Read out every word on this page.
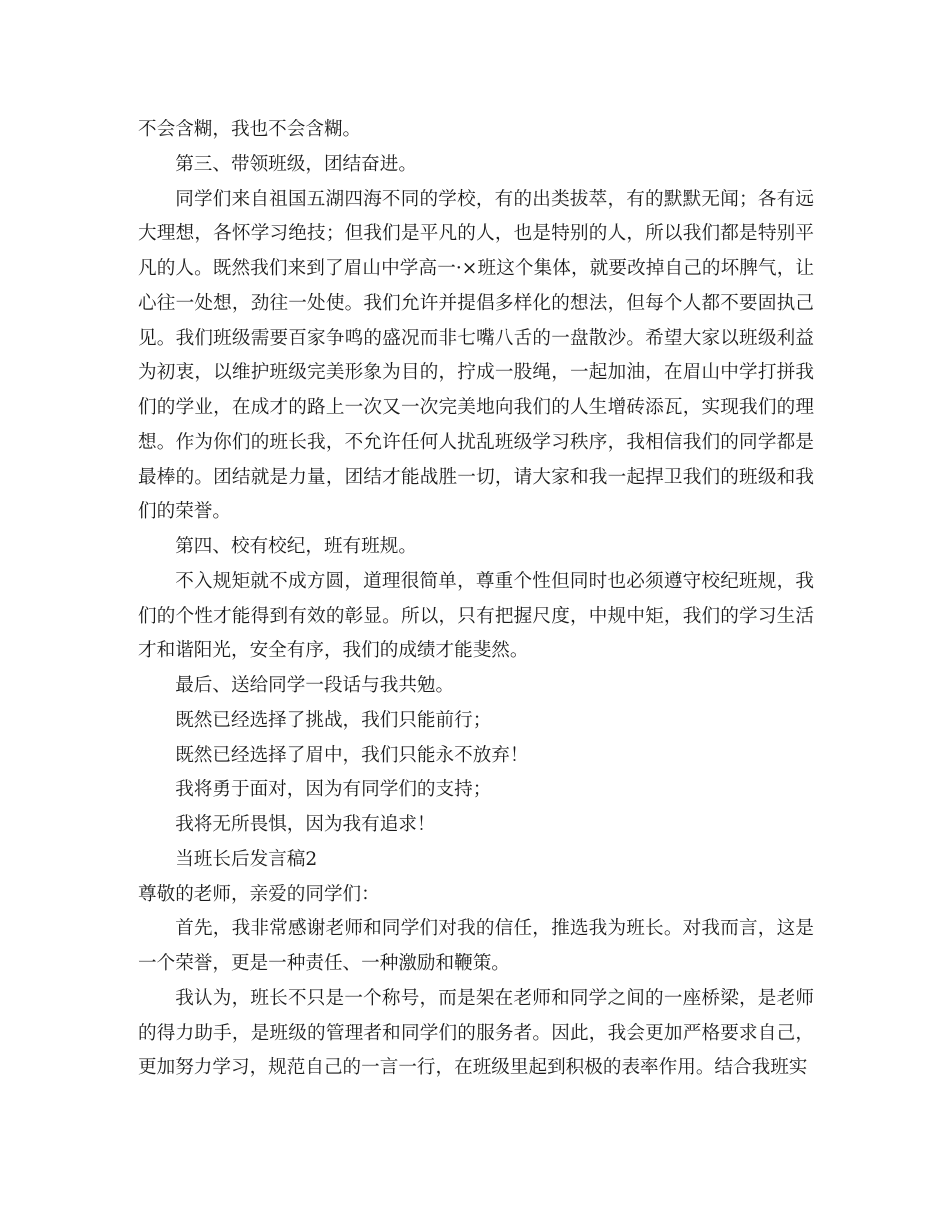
不会含糊，我也不会含糊。

第三、带领班级，团结奋进。

同学们来自祖国五湖四海不同的学校，有的出类拔萃，有的默默无闻；各有远大理想，各怀学习绝技；但我们是平凡的人，也是特别的人，所以我们都是特别平凡的人。既然我们来到了眉山中学高一·×班这个集体，就要改掉自己的坏脾气，让心往一处想，劲往一处使。我们允许并提倡多样化的想法，但每个人都不要固执己见。我们班级需要百家争鸣的盛况而非七嘴八舌的一盘散沙。希望大家以班级利益为初衷，以维护班级完美形象为目的，拧成一股绳，一起加油，在眉山中学打拼我们的学业，在成才的路上一次又一次完美地向我们的人生增砖添瓦，实现我们的理想。作为你们的班长我，不允许任何人扰乱班级学习秩序，我相信我们的同学都是最棒的。团结就是力量，团结才能战胜一切，请大家和我一起捍卫我们的班级和我们的荣誉。

第四、校有校纪，班有班规。

不入规矩就不成方圆，道理很简单，尊重个性但同时也必须遵守校纪班规，我们的个性才能得到有效的彰显。所以，只有把握尺度，中规中矩，我们的学习生活才和谐阳光，安全有序，我们的成绩才能斐然。

最后、送给同学一段话与我共勉。

既然已经选择了挑战，我们只能前行；

既然已经选择了眉中，我们只能永不放弃！

我将勇于面对，因为有同学们的支持；

我将无所畏惧，因为我有追求！

当班长后发言稿2

尊敬的老师，亲爱的同学们：

首先，我非常感谢老师和同学们对我的信任，推选我为班长。对我而言，这是一个荣誉，更是一种责任、一种激励和鞭策。

我认为，班长不只是一个称号，而是架在老师和同学之间的一座桥梁，是老师的得力助手，是班级的管理者和同学们的服务者。因此，我会更加严格要求自己，更加努力学习，规范自己的一言一行，在班级里起到积极的表率作用。结合我班实
